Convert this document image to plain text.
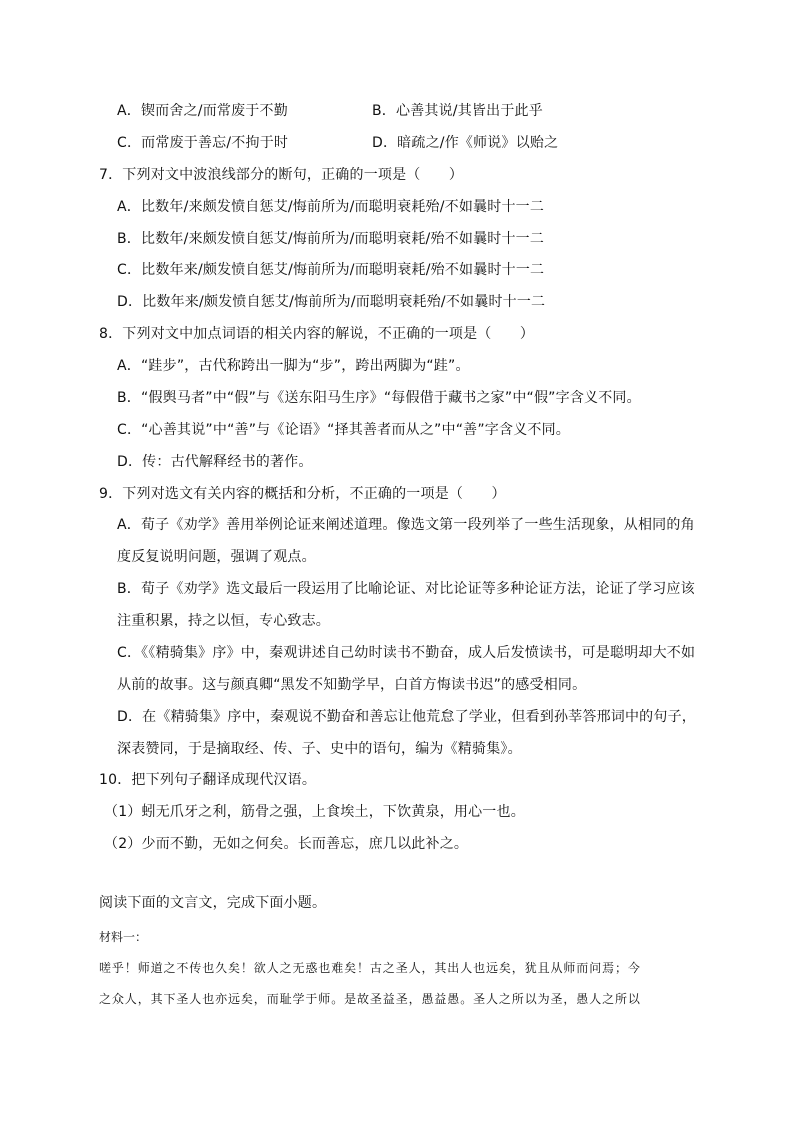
A．锲而舍之/而常废于不勤	B．心善其说/其皆出于此乎
C．而常废于善忘/不拘于时	D．暗疏之/作《师说》以贻之
7．下列对文中波浪线部分的断句，正确的一项是（　　）
A．比数年/来颇发愤自惩艾/悔前所为/而聪明衰耗殆/不如曩时十一二
B．比数年/来颇发愤自惩艾/悔前所为/而聪明衰耗/殆不如曩时十一二
C．比数年来/颇发愤自惩艾/悔前所为/而聪明衰耗/殆不如曩时十一二
D．比数年来/颇发愤自惩艾/悔前所为/而聪明衰耗殆/不如曩时十一二
8．下列对文中加点词语的相关内容的解说，不正确的一项是（　　）
A．“跬步”，古代称跨出一脚为“步”，跨出两脚为“跬”。
B．“假舆马者”中“假”与《送东阳马生序》“每假借于藏书之家”中“假”字含义不同。
C．“心善其说”中“善”与《论语》“择其善者而从之”中“善”字含义不同。
D．传：古代解释经书的著作。
9．下列对选文有关内容的概括和分析，不正确的一项是（　　）
A．荀子《劝学》善用举例论证来阐述道理。像选文第一段列举了一些生活现象，从相同的角
度反复说明问题，强调了观点。
B．荀子《劝学》选文最后一段运用了比喻论证、对比论证等多种论证方法，论证了学习应该
注重积累，持之以恒，专心致志。
C．《《精骑集》序》中，秦观讲述自己幼时读书不勤奋，成人后发愤读书，可是聪明却大不如
从前的故事。这与颜真卿“黑发不知勤学早，白首方悔读书迟”的感受相同。
D．在《精骑集》序中，秦观说不勤奋和善忘让他荒怠了学业，但看到孙莘答邢词中的句子，
深表赞同，于是摘取经、传、子、史中的语句，编为《精骑集》。
10．把下列句子翻译成现代汉语。
（1）蚓无爪牙之利，筋骨之强，上食埃土，下饮黄泉，用心一也。
（2）少而不勤，无如之何矣。长而善忘，庶几以此补之。
阅读下面的文言文，完成下面小题。
材料一：
嗟乎！师道之不传也久矣！欲人之无惑也难矣！古之圣人，其出人也远矣，犹且从师而问焉；今
之众人，其下圣人也亦远矣，而耻学于师。是故圣益圣，愚益愚。圣人之所以为圣，愚人之所以
